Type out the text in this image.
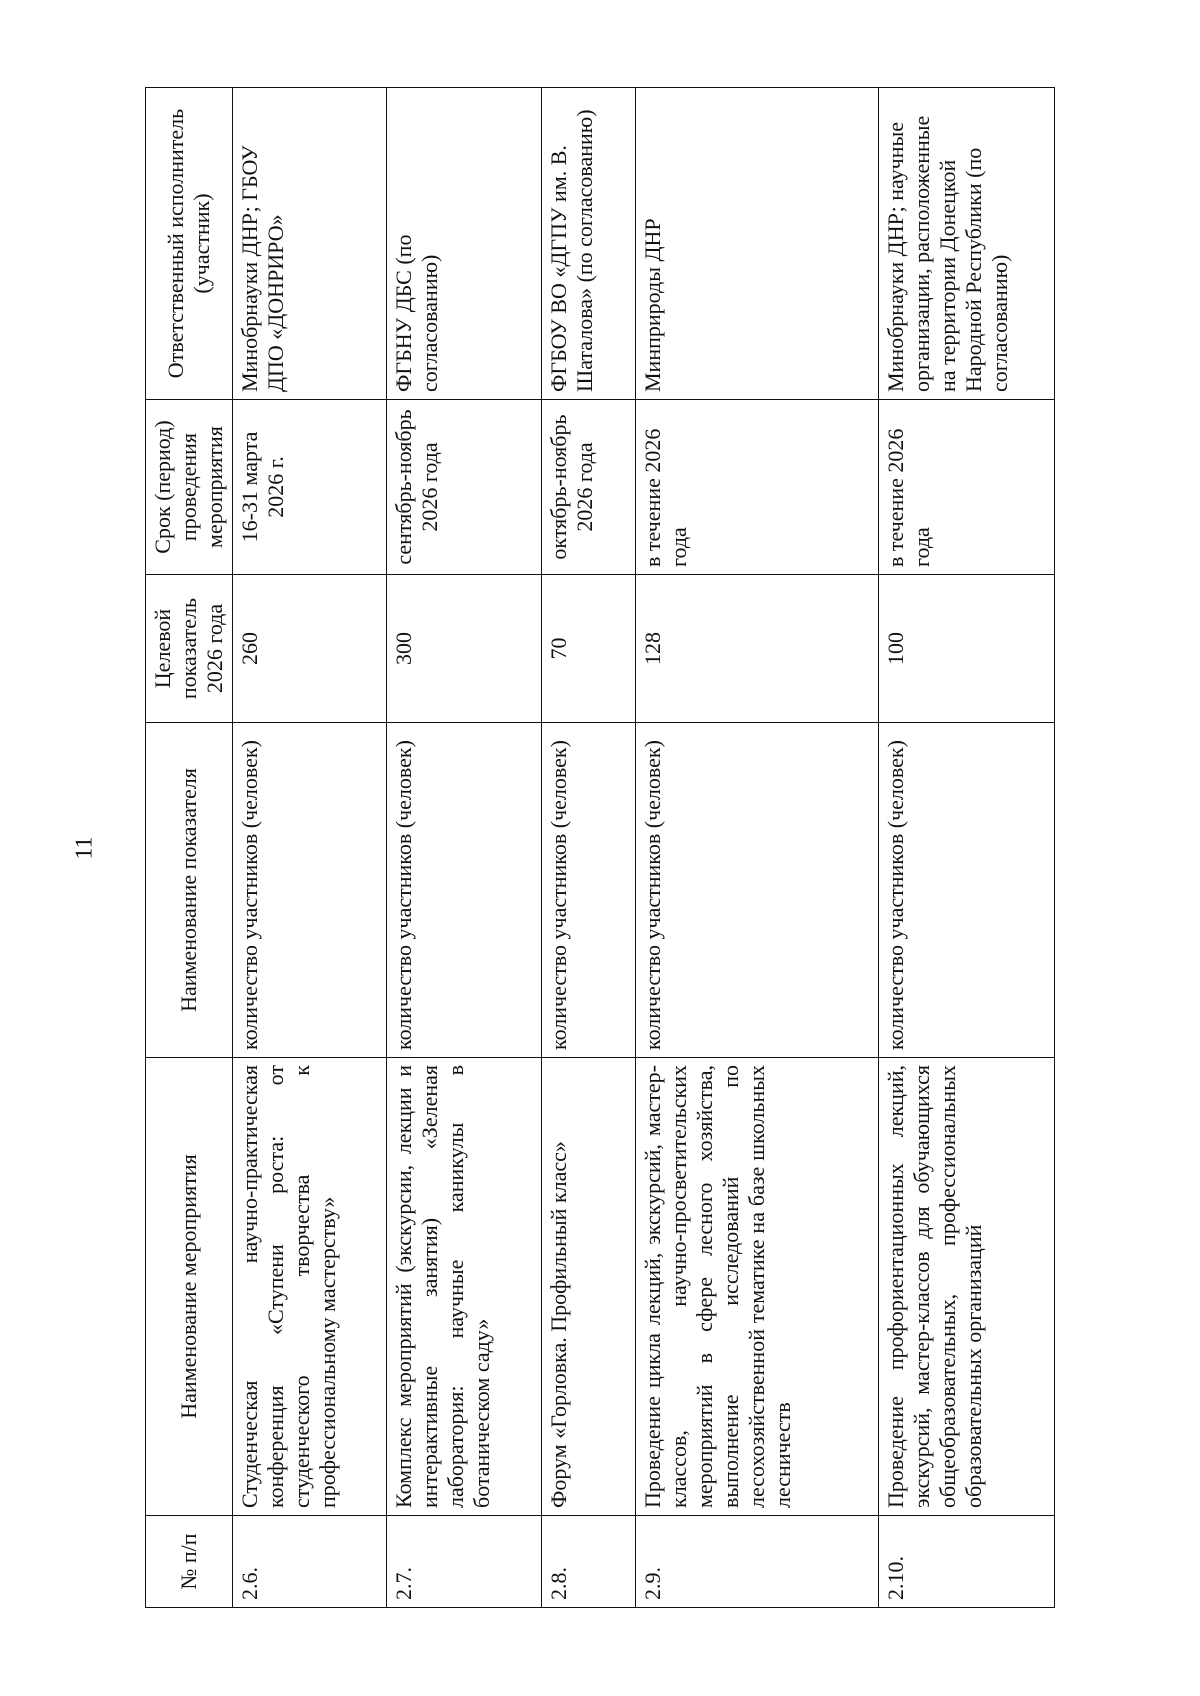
11
№ п/п	Наименование мероприятия	Наименование показателя	Целевой показатель 2026 года	Срок (период) проведения мероприятия	Ответственный исполнитель (участник)
2.6.	Студенческая научно-практическая конференция «Ступени роста: от студенческого творчества к профессиональному мастерству»	количество участников (человек)	260	16-31 марта 2026 г.	Минобрнауки ДНР; ГБОУ ДПО «ДОНРИРО»
2.7.	Комплекс мероприятий (экскурсии, лекции и интерактивные занятия) «Зеленая лаборатория: научные каникулы в ботаническом саду»	количество участников (человек)	300	сентябрь-ноябрь 2026 года	ФГБНУ ДБС (по согласованию)
2.8.	Форум «Горловка. Профильный класс»	количество участников (человек)	70	октябрь-ноябрь 2026 года	ФГБОУ ВО «ДГПУ им. В. Шаталова» (по согласованию)
2.9.	Проведение цикла лекций, экскурсий, мастер-классов, научно-просветительских мероприятий в сфере лесного хозяйства, выполнение исследований по лесохозяйственной тематике на базе школьных лесничеств	количество участников (человек)	128	в течение 2026 года	Минприроды ДНР
2.10.	Проведение профориентационных лекций, экскурсий, мастер-классов для обучающихся общеобразовательных, профессиональных образовательных организаций	количество участников (человек)	100	в течение 2026 года	Минобрнауки ДНР; научные организации, расположенные на территории Донецкой Народной Республики (по согласованию)
